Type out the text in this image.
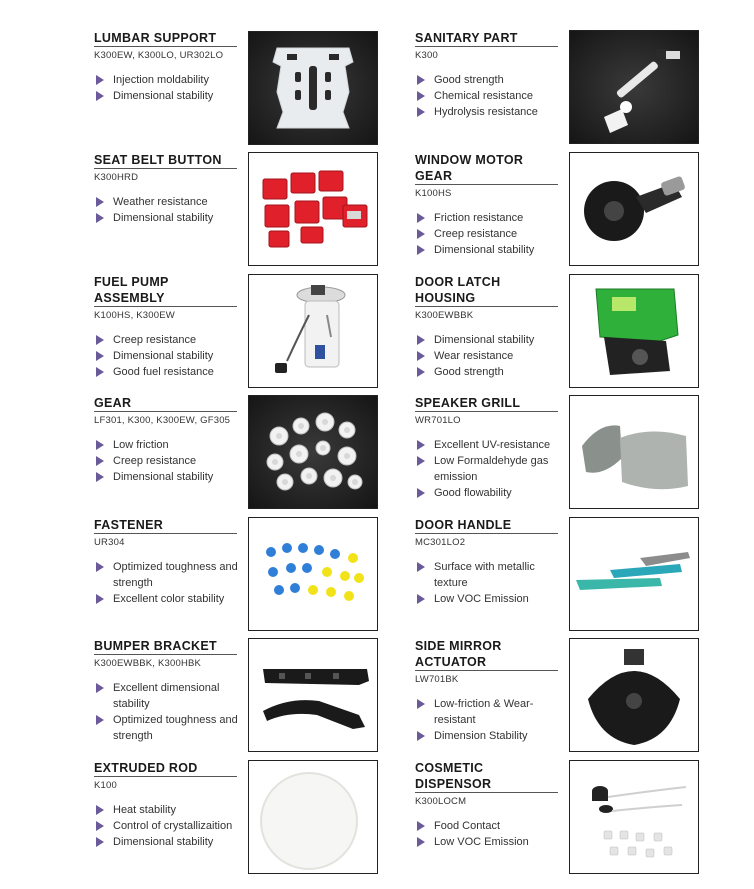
LUMBAR SUPPORT
K300EW, K300LO, UR302LO
Injection moldability
Dimensional stability
SEAT BELT BUTTON
K300HRD
Weather resistance
Dimensional stability
FUEL PUMP ASSEMBLY
K100HS, K300EW
Creep resistance
Dimensional stability
Good fuel resistance
GEAR
LF301, K300, K300EW, GF305
Low friction
Creep resistance
Dimensional stability
FASTENER
UR304
Optimized toughness and strength
Excellent color stability
BUMPER BRACKET
K300EWBBK, K300HBK
Excellent dimensional stability
Optimized toughness and strength
EXTRUDED ROD
K100
Heat stability
Control of crystallizaition
Dimensional stability
SANITARY PART
K300
Good strength
Chemical resistance
Hydrolysis resistance
WINDOW MOTOR GEAR
K100HS
Friction resistance
Creep resistance
Dimensional stability
DOOR LATCH HOUSING
K300EWBBK
Dimensional stability
Wear resistance
Good strength
SPEAKER GRILL
WR701LO
Excellent UV-resistance
Low Formaldehyde gas emission
Good flowability
DOOR HANDLE
MC301LO2
Surface with metallic texture
Low VOC Emission
SIDE MIRROR
ACTUATOR
LW701BK
Low-friction & Wear-resistant
Dimension Stability
COSMETIC DISPENSOR
K300LOCM
Food Contact
Low VOC Emission
